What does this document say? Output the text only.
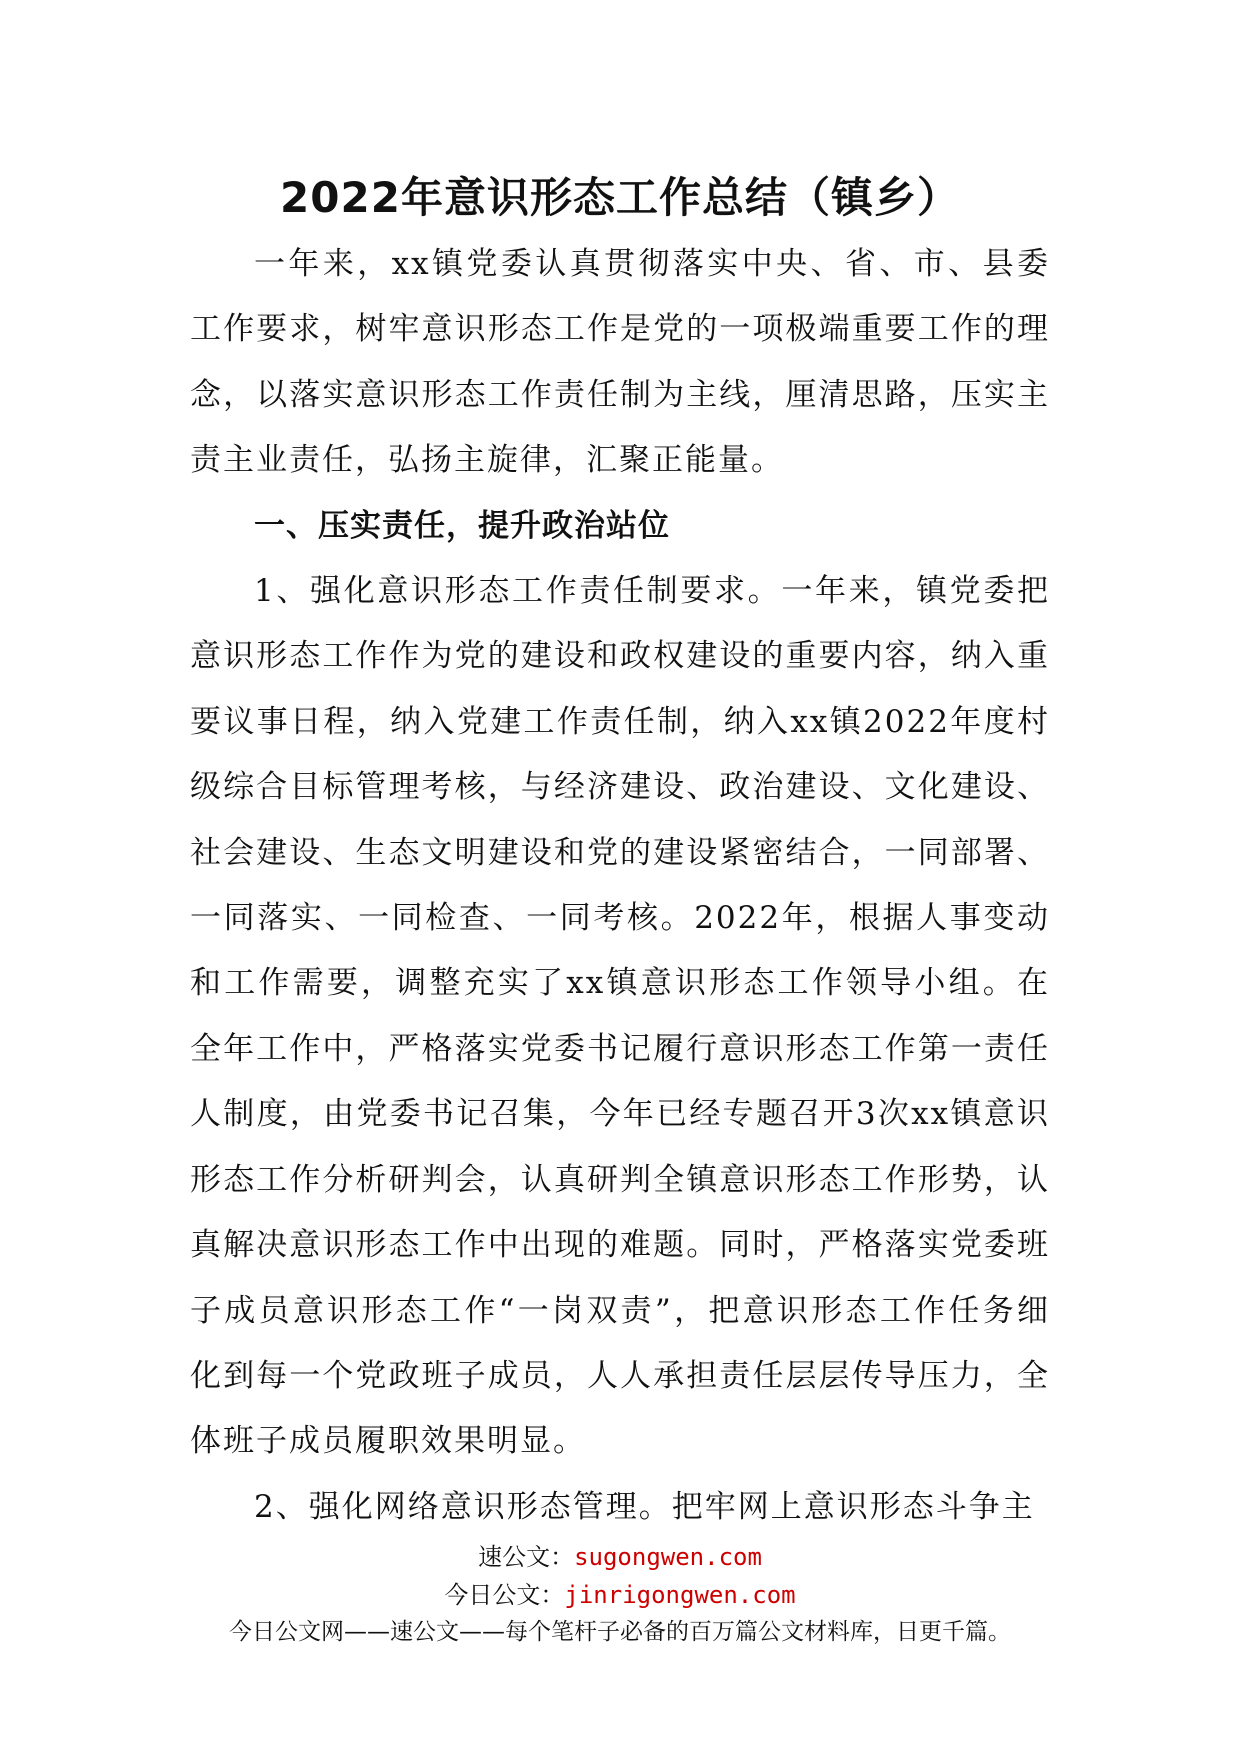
2022年意识形态工作总结（镇乡）

一年来，xx镇党委认真贯彻落实中央、省、市、县委工作要求，树牢意识形态工作是党的一项极端重要工作的理念，以落实意识形态工作责任制为主线，厘清思路，压实主责主业责任，弘扬主旋律，汇聚正能量。

一、压实责任，提升政治站位

1、强化意识形态工作责任制要求。一年来，镇党委把意识形态工作作为党的建设和政权建设的重要内容，纳入重要议事日程，纳入党建工作责任制，纳入xx镇2022年度村级综合目标管理考核，与经济建设、政治建设、文化建设、社会建设、生态文明建设和党的建设紧密结合，一同部署、一同落实、一同检查、一同考核。2022年，根据人事变动和工作需要，调整充实了xx镇意识形态工作领导小组。在全年工作中，严格落实党委书记履行意识形态工作第一责任人制度，由党委书记召集，今年已经专题召开3次xx镇意识形态工作分析研判会，认真研判全镇意识形态工作形势，认真解决意识形态工作中出现的难题。同时，严格落实党委班子成员意识形态工作“一岗双责”，把意识形态工作任务细化到每一个党政班子成员，人人承担责任层层传导压力，全体班子成员履职效果明显。

2、强化网络意识形态管理。把牢网上意识形态斗争主

速公文：sugongwen.com
今日公文：jinrigongwen.com
今日公文网——速公文——每个笔杆子必备的百万篇公文材料库，日更千篇。
